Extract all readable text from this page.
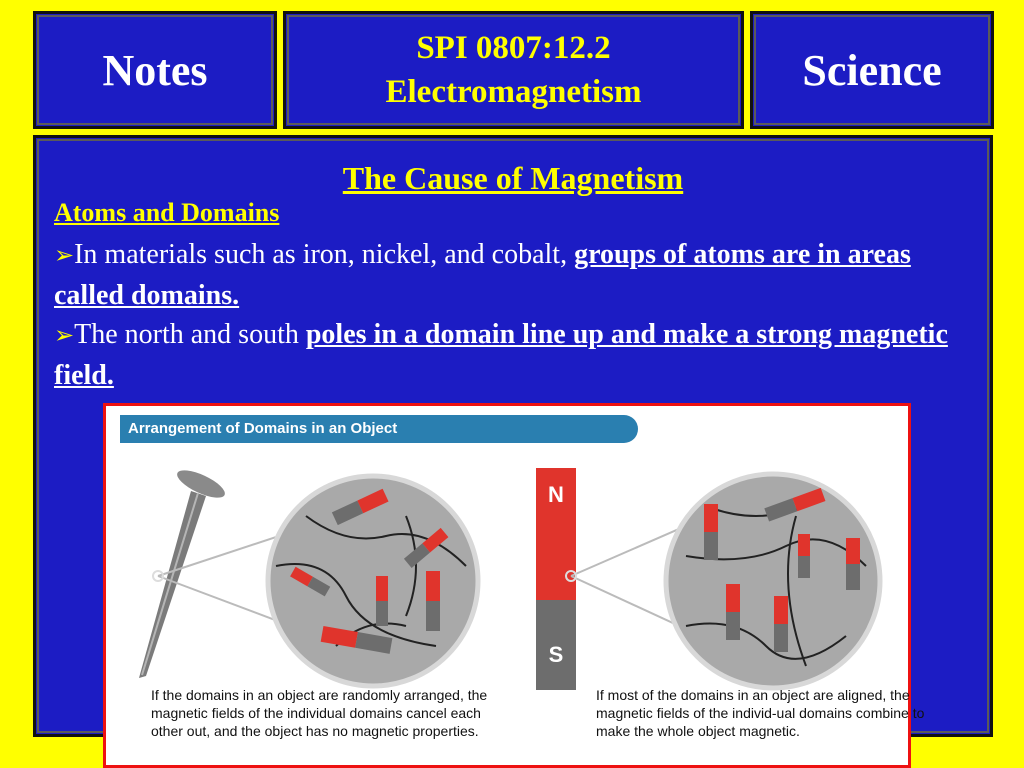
Notes	SPI 0807:12.2
Electromagnetism	Science
The Cause of Magnetism
Atoms and Domains
➢In materials such as iron, nickel, and cobalt, groups of atoms are in areas called domains.
➢The north and south poles in a domain line up and make a strong magnetic field.
Arrangement of Domains in an Object
N
S
If the domains in an object are randomly arranged, the magnetic fields of the individual domains cancel each other out, and the object has no magnetic properties.
If most of the domains in an object are aligned, the magnetic fields of the individ-ual domains combine to make the whole object magnetic.
